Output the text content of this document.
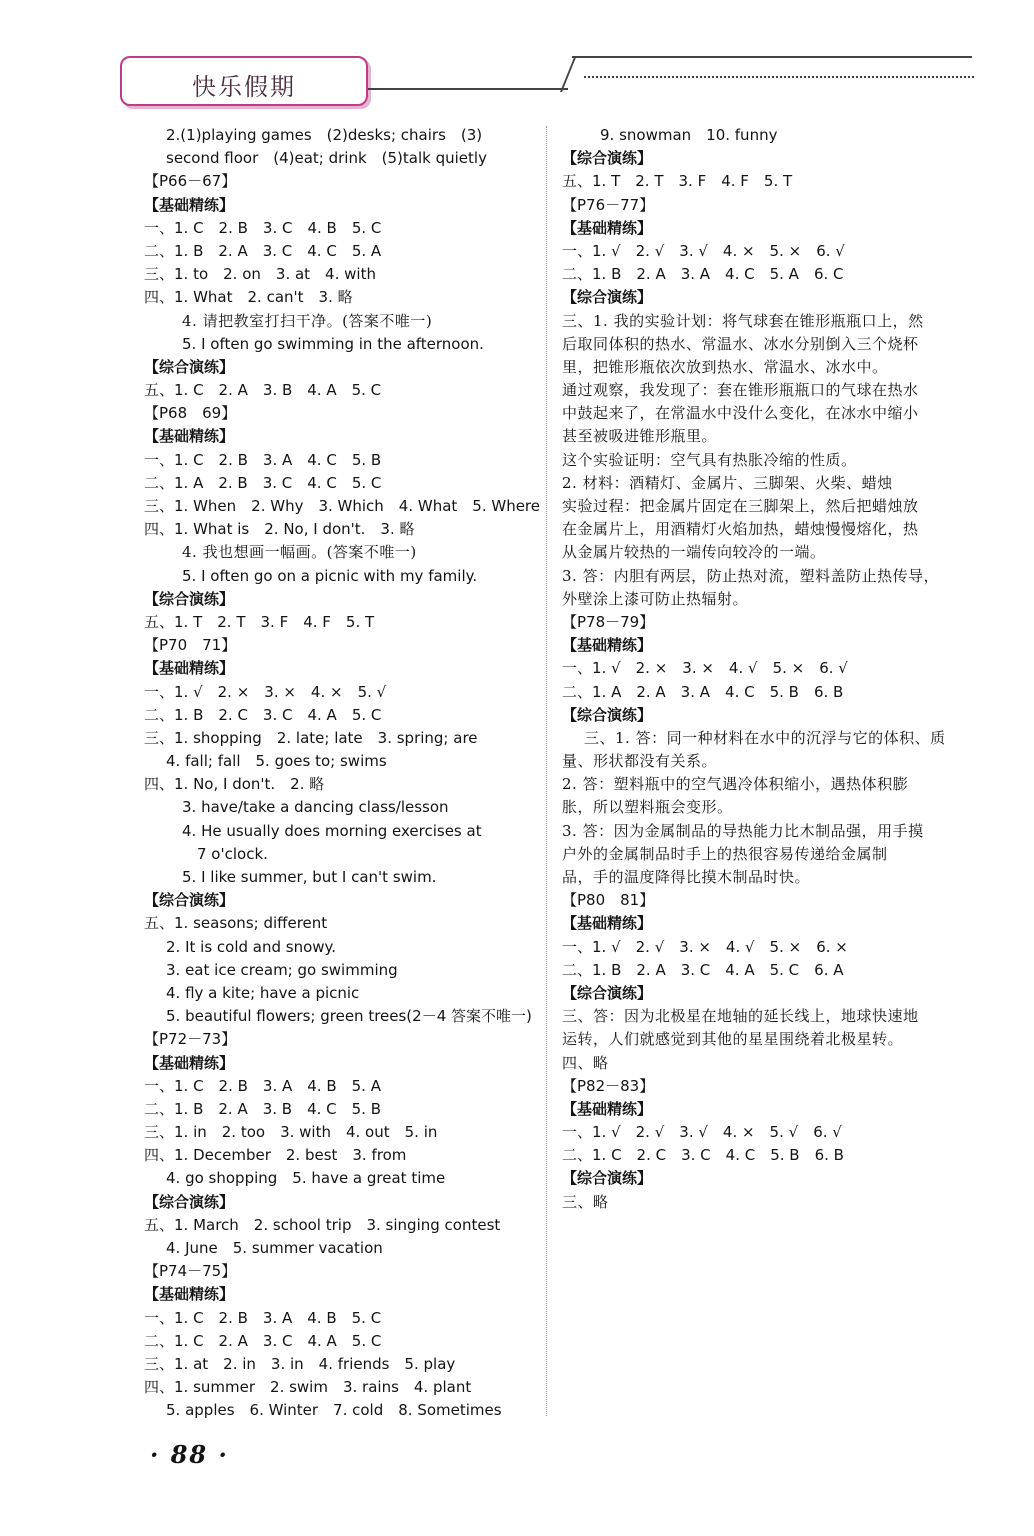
快乐假期
2.(1)playing games　(2)desks; chairs　(3)
second floor　(4)eat; drink　(5)talk quietly
【P66－67】
【基础精练】
一、1. C　2. B　3. C　4. B　5. C
二、1. B　2. A　3. C　4. C　5. A
三、1. to　2. on　3. at　4. with
四、1. What　2. can't　3. 略
4. 请把教室打扫干净。(答案不唯一)
5. I often go swimming in the afternoon.
【综合演练】
五、1. C　2. A　3. B　4. A　5. C
【P68　69】
【基础精练】
一、1. C　2. B　3. A　4. C　5. B
二、1. A　2. B　3. C　4. C　5. C
三、1. When　2. Why　3. Which　4. What　5. Where
四、1. What is　2. No, I don't.　3. 略
4. 我也想画一幅画。(答案不唯一)
5. I often go on a picnic with my family.
【综合演练】
五、1. T　2. T　3. F　4. F　5. T
【P70　71】
【基础精练】
一、1. √　2. ×　3. ×　4. ×　5. √
二、1. B　2. C　3. C　4. A　5. C
三、1. shopping　2. late; late　3. spring; are
4. fall; fall　5. goes to; swims
四、1. No, I don't.　2. 略
3. have/take a dancing class/lesson
4. He usually does morning exercises at
　7 o'clock.
5. I like summer, but I can't swim.
【综合演练】
五、1. seasons; different
2. It is cold and snowy.
3. eat ice cream; go swimming
4. fly a kite; have a picnic
5. beautiful flowers; green trees(2－4 答案不唯一)
【P72－73】
【基础精练】
一、1. C　2. B　3. A　4. B　5. A
二、1. B　2. A　3. B　4. C　5. B
三、1. in　2. too　3. with　4. out　5. in
四、1. December　2. best　3. from
4. go shopping　5. have a great time
【综合演练】
五、1. March　2. school trip　3. singing contest
4. June　5. summer vacation
【P74－75】
【基础精练】
一、1. C　2. B　3. A　4. B　5. C
二、1. C　2. A　3. C　4. A　5. C
三、1. at　2. in　3. in　4. friends　5. play
四、1. summer　2. swim　3. rains　4. plant
5. apples　6. Winter　7. cold　8. Sometimes
9. snowman　10. funny
【综合演练】
五、1. T　2. T　3. F　4. F　5. T
【P76－77】
【基础精练】
一、1. √　2. √　3. √　4. ×　5. ×　6. √
二、1. B　2. A　3. A　4. C　5. A　6. C
【综合演练】
三、1. 我的实验计划：将气球套在锥形瓶瓶口上，然
后取同体积的热水、常温水、冰水分别倒入三个烧杯
里，把锥形瓶依次放到热水、常温水、冰水中。
通过观察，我发现了：套在锥形瓶瓶口的气球在热水
中鼓起来了，在常温水中没什么变化，在冰水中缩小
甚至被吸进锥形瓶里。
这个实验证明：空气具有热胀冷缩的性质。
2. 材料：酒精灯、金属片、三脚架、火柴、蜡烛
实验过程：把金属片固定在三脚架上，然后把蜡烛放
在金属片上，用酒精灯火焰加热，蜡烛慢慢熔化，热
从金属片较热的一端传向较冷的一端。
3. 答：内胆有两层，防止热对流，塑料盖防止热传导，
外壁涂上漆可防止热辐射。
【P78－79】
【基础精练】
一、1. √　2. ×　3. ×　4. √　5. ×　6. √
二、1. A　2. A　3. A　4. C　5. B　6. B
【综合演练】
三、1. 答：同一种材料在水中的沉浮与它的体积、质
量、形状都没有关系。
2. 答：塑料瓶中的空气遇冷体积缩小，遇热体积膨
胀，所以塑料瓶会变形。
3. 答：因为金属制品的导热能力比木制品强，用手摸
户外的金属制品时手上的热很容易传递给金属制
品，手的温度降得比摸木制品时快。
【P80　81】
【基础精练】
一、1. √　2. √　3. ×　4. √　5. ×　6. ×
二、1. B　2. A　3. C　4. A　5. C　6. A
【综合演练】
三、答：因为北极星在地轴的延长线上，地球快速地
运转，人们就感觉到其他的星星围绕着北极星转。
四、略
【P82－83】
【基础精练】
一、1. √　2. √　3. √　4. ×　5. √　6. √
二、1. C　2. C　3. C　4. C　5. B　6. B
【综合演练】
三、略
· 88 ·
